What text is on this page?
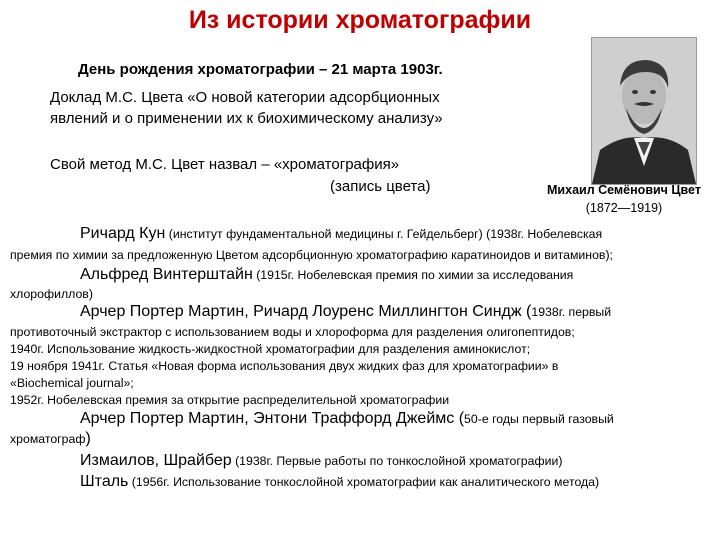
Из истории хроматографии
День рождения хроматографии – 21 марта 1903г.
Доклад М.С. Цвета «О новой категории адсорбционных
явлений и о применении их к биохимическому анализу»
Свой метод М.С. Цвет назвал – «хроматография»
(запись цвета)	Михаил Семёнович Цвет
(1872—1919)
Ричард Кун (институт фундаментальной медицины г. Гейдельберг) (1938г. Нобелевская
премия по химии за предложенную Цветом адсорбционную хроматографию каратиноидов и витаминов);
Альфред Винтерштайн (1915г. Нобелевская премия по химии за исследования
хлорофиллов)
Арчер Портер Мартин, Ричард Лоуренс Миллингтон Синдж (1938г. первый
противоточный экстрактор с использованием воды и хлороформа для разделения олигопептидов;
1940г. Использование жидкость-жидкостной хроматографии для разделения аминокислот;
19 ноября 1941г. Статья «Новая форма использования двух жидких фаз для хроматографии» в
«Biochemical journal»;
1952г. Нобелевская премия за открытие распределительной хроматографии
Арчер Портер Мартин, Энтони Траффорд Джеймс (50-е годы первый газовый
хроматограф)
Измаилов, Шрайбер (1938г. Первые работы по тонкослойной хроматографии)
Шталь (1956г. Использование тонкослойной хроматографии как аналитического метода)
